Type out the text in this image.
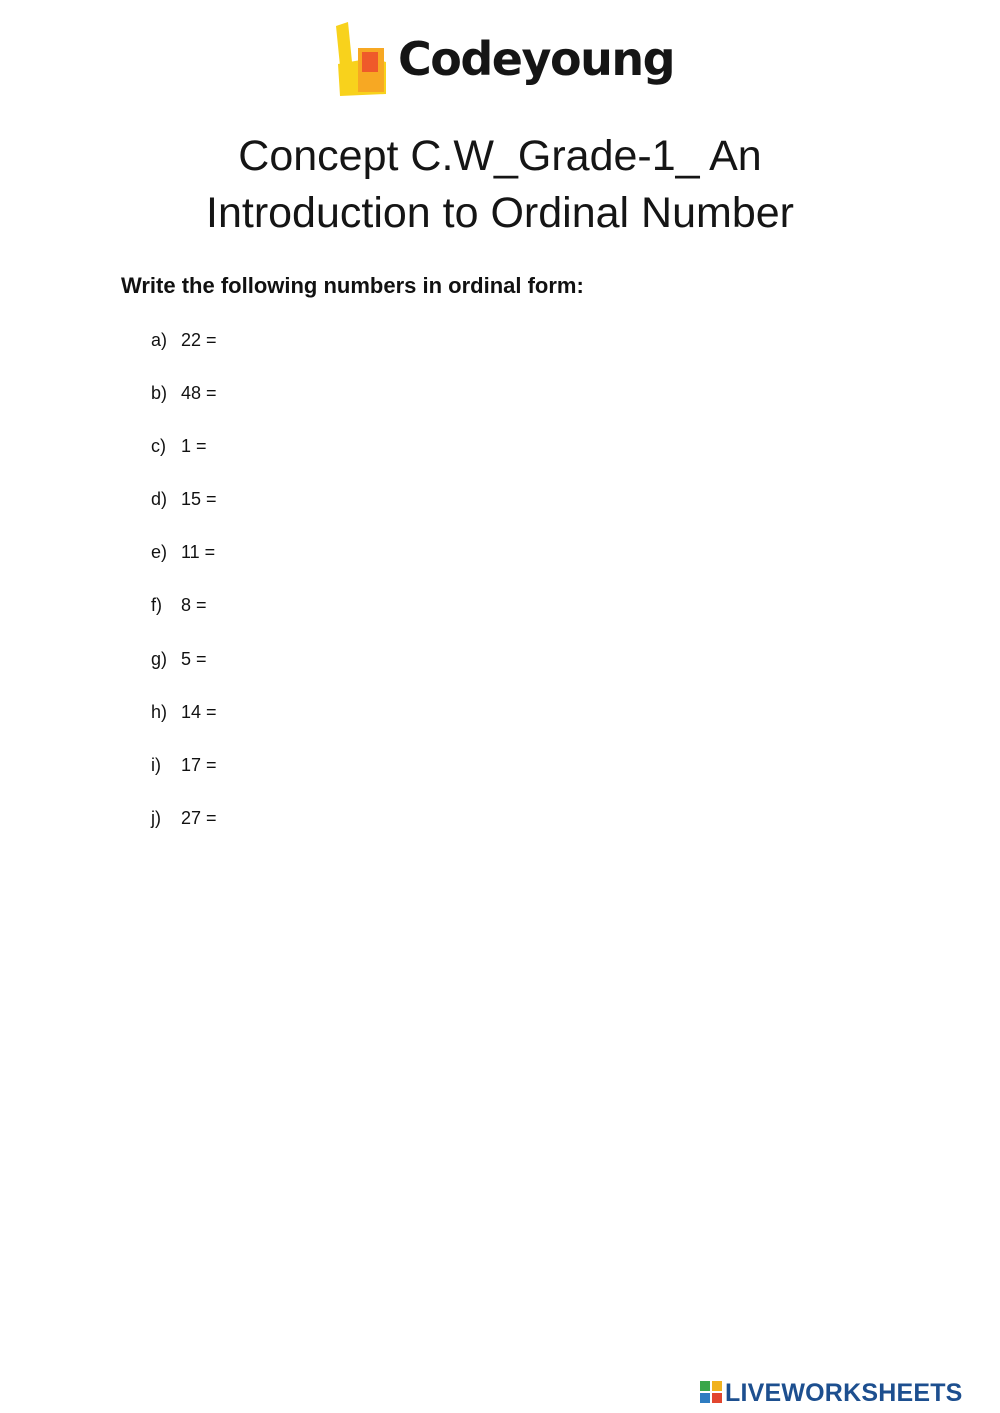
Codeyoung
Concept C.W_Grade-1_ An
Introduction to Ordinal Number
Write the following numbers in ordinal form:
a) 22 =
b) 48 =
c) 1 =
d) 15 =
e) 11 =
f) 8 =
g) 5 =
h) 14 =
i) 17 =
j) 27 =
LIVEWORKSHEETS
